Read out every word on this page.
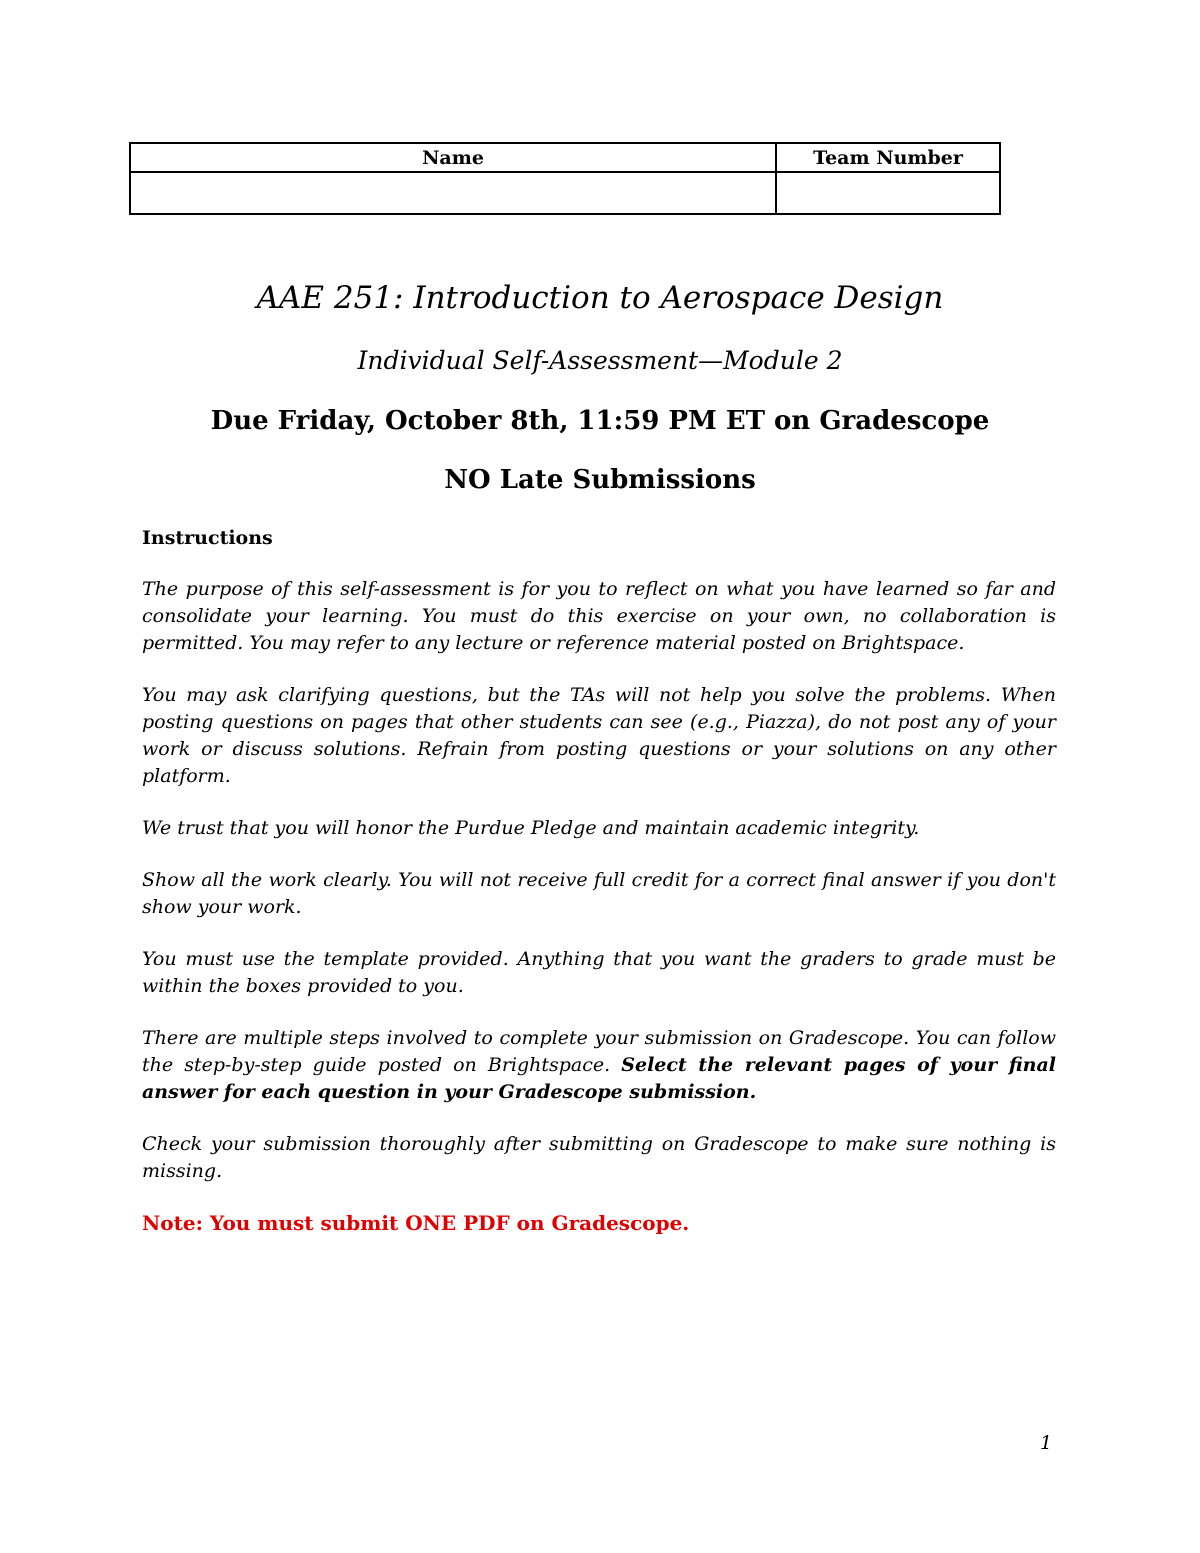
Name	Team Number

AAE 251: Introduction to Aerospace Design
Individual Self-Assessment—Module 2
Due Friday, October 8th, 11:59 PM ET on Gradescope
NO Late Submissions
Instructions

The purpose of this self-assessment is for you to reflect on what you have learned so far and consolidate your learning. You must do this exercise on your own, no collaboration is permitted. You may refer to any lecture or reference material posted on Brightspace.

You may ask clarifying questions, but the TAs will not help you solve the problems. When posting questions on pages that other students can see (e.g., Piazza), do not post any of your work or discuss solutions. Refrain from posting questions or your solutions on any other platform.

We trust that you will honor the Purdue Pledge and maintain academic integrity.

Show all the work clearly. You will not receive full credit for a correct final answer if you don't show your work.

You must use the template provided. Anything that you want the graders to grade must be within the boxes provided to you.

There are multiple steps involved to complete your submission on Gradescope. You can follow the step-by-step guide posted on Brightspace. Select the relevant pages of your final answer for each question in your Gradescope submission.

Check your submission thoroughly after submitting on Gradescope to make sure nothing is missing.

Note: You must submit ONE PDF on Gradescope.

1
